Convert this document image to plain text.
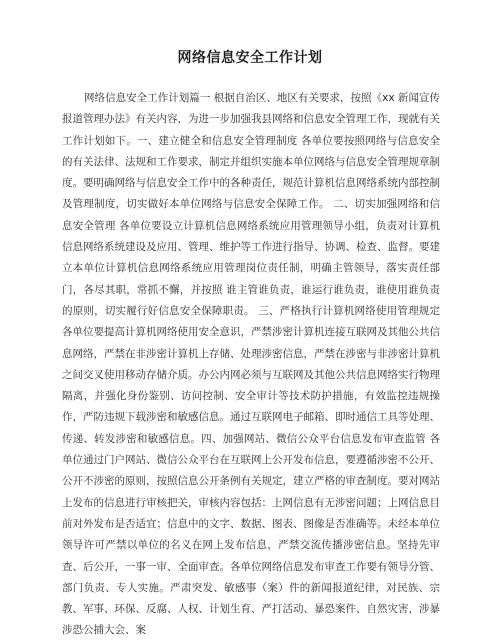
网络信息安全工作计划

网络信息安全工作计划篇一 根据自治区、地区有关要求，按照《xx 新闻宣传报道管理办法》有关内容，为进一步加强我县网络和信息安全管理工作，现就有关工作计划如下。一、建立健全和信息安全管理制度 各单位要按照网络与信息安全的有关法律、法规和工作要求，制定并组织实施本单位网络与信息安全管理规章制度。要明确网络与信息安全工作中的各种责任，规范计算机信息网络系统内部控制及管理制度，切实做好本单位网络与信息安全保障工作。 二、切实加强网络和信息安全管理 各单位要设立计算机信息网络系统应用管理领导小组，负责对计算机信息网络系统建设及应用、管理、维护等工作进行指导、协调、检查、监督。要建立本单位计算机信息网络系统应用管理岗位责任制，明确主管领导，落实责任部门，各尽其职，常抓不懈，并按照 谁主管谁负责，谁运行谁负责，谁使用谁负责 的原则，切实履行好信息安全保障职责。 三、严格执行计算机网络使用管理规定 各单位要提高计算机网络使用安全意识，严禁涉密计算机连接互联网及其他公共信息网络，严禁在非涉密计算机上存储、处理涉密信息，严禁在涉密与非涉密计算机之间交叉使用移动存储介质。办公内网必须与互联网及其他公共信息网络实行物理隔离，并强化身份鉴别、访问控制、安全审计等技术防护措施，有效监控违规操作，严防违规下载涉密和敏感信息。通过互联网电子邮箱、即时通信工具等处理、传递、转发涉密和敏感信息。四、加强网站、微信公众平台信息发布审查监管 各单位通过门户网站、微信公众平台在互联网上公开发布信息，要遵循涉密不公开、公开不涉密的原则，按照信息公开条例有关规定，建立严格的审查制度。要对网站上发布的信息进行审核把关，审核内容包括：上网信息有无涉密问题；上网信息目前对外发布是否适宜；信息中的文字、数据、图表、图像是否准确等。未经本单位领导许可严禁以单位的名义在网上发布信息，严禁交流传播涉密信息。坚持先审查、后公开，一事一审、全面审查。各单位网络信息发布审查工作要有领导分管、部门负责、专人实施。严肃突发、敏感事（案）件的新闻报道纪律，对民族、宗教、军事、环保、反腐、人权、计划生育、严打活动、暴恐案件、自然灾害，涉暴涉恐公捕大会、案
